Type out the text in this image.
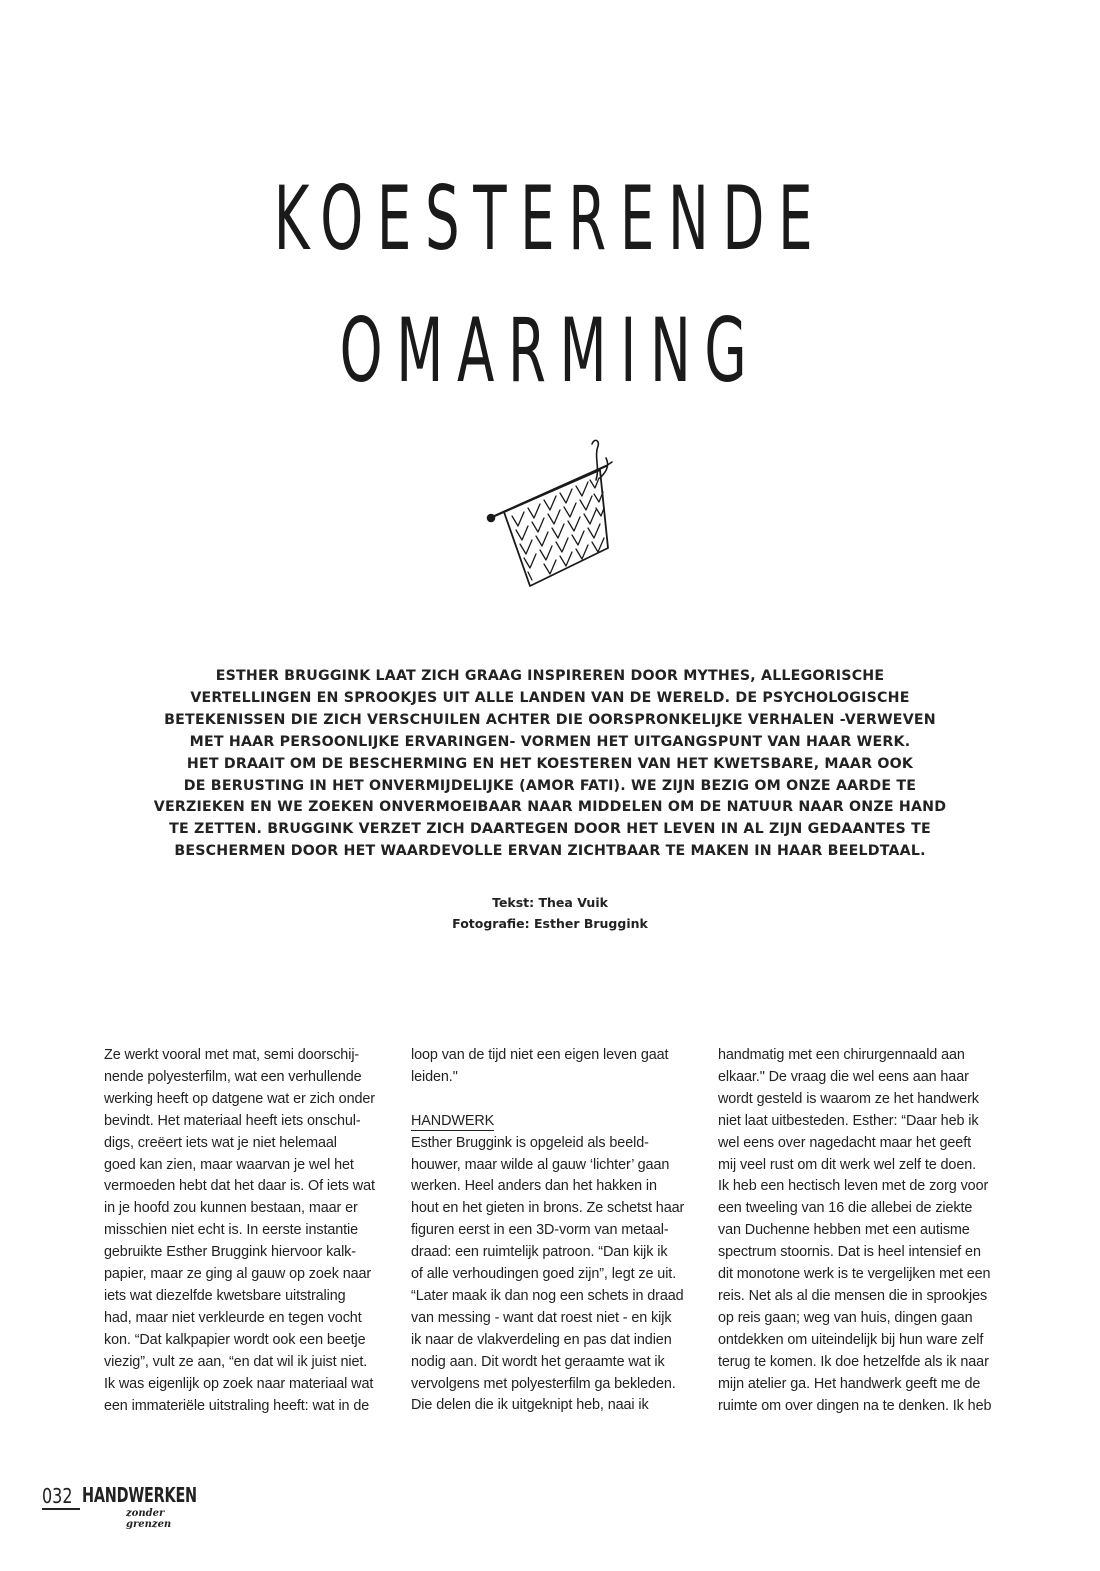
KOESTERENDE
OMARMING
ESTHER BRUGGINK LAAT ZICH GRAAG INSPIREREN DOOR MYTHES, ALLEGORISCHE
VERTELLINGEN EN SPROOKJES UIT ALLE LANDEN VAN DE WERELD. DE PSYCHOLOGISCHE
BETEKENISSEN DIE ZICH VERSCHUILEN ACHTER DIE OORSPRONKELIJKE VERHALEN -VERWEVEN
MET HAAR PERSOONLIJKE ERVARINGEN- VORMEN HET UITGANGSPUNT VAN HAAR WERK.
HET DRAAIT OM DE BESCHERMING EN HET KOESTEREN VAN HET KWETSBARE, MAAR OOK
DE BERUSTING IN HET ONVERMIJDELIJKE (AMOR FATI). WE ZIJN BEZIG OM ONZE AARDE TE
VERZIEKEN EN WE ZOEKEN ONVERMOEIBAAR NAAR MIDDELEN OM DE NATUUR NAAR ONZE HAND
TE ZETTEN. BRUGGINK VERZET ZICH DAARTEGEN DOOR HET LEVEN IN AL ZIJN GEDAANTES TE
BESCHERMEN DOOR HET WAARDEVOLLE ERVAN ZICHTBAAR TE MAKEN IN HAAR BEELDTAAL.
Tekst: Thea Vuik
Fotografie: Esther Bruggink
Ze werkt vooral met mat, semi doorschij-
nende polyesterfilm, wat een verhullende
werking heeft op datgene wat er zich onder
bevindt. Het materiaal heeft iets onschul-
digs, creëert iets wat je niet helemaal
goed kan zien, maar waarvan je wel het
vermoeden hebt dat het daar is. Of iets wat
in je hoofd zou kunnen bestaan, maar er
misschien niet echt is. In eerste instantie
gebruikte Esther Bruggink hiervoor kalk-
papier, maar ze ging al gauw op zoek naar
iets wat diezelfde kwetsbare uitstraling
had, maar niet verkleurde en tegen vocht
kon. “Dat kalkpapier wordt ook een beetje
viezig”, vult ze aan, “en dat wil ik juist niet.
Ik was eigenlijk op zoek naar materiaal wat
een immateriële uitstraling heeft: wat in de
loop van de tijd niet een eigen leven gaat
leiden."
HANDWERK
Esther Bruggink is opgeleid als beeld-
houwer, maar wilde al gauw ‘lichter’ gaan
werken. Heel anders dan het hakken in
hout en het gieten in brons. Ze schetst haar
figuren eerst in een 3D-vorm van metaal-
draad: een ruimtelijk patroon. “Dan kijk ik
of alle verhoudingen goed zijn”, legt ze uit.
“Later maak ik dan nog een schets in draad
van messing - want dat roest niet - en kijk
ik naar de vlakverdeling en pas dat indien
nodig aan. Dit wordt het geraamte wat ik
vervolgens met polyesterfilm ga bekleden.
Die delen die ik uitgeknipt heb, naai ik
handmatig met een chirurgennaald aan
elkaar." De vraag die wel eens aan haar
wordt gesteld is waarom ze het handwerk
niet laat uitbesteden. Esther: “Daar heb ik
wel eens over nagedacht maar het geeft
mij veel rust om dit werk wel zelf te doen.
Ik heb een hectisch leven met de zorg voor
een tweeling van 16 die allebei de ziekte
van Duchenne hebben met een autisme
spectrum stoornis. Dat is heel intensief en
dit monotone werk is te vergelijken met een
reis. Net als al die mensen die in sprookjes
op reis gaan; weg van huis, dingen gaan
ontdekken om uiteindelijk bij hun ware zelf
terug te komen. Ik doe hetzelfde als ik naar
mijn atelier ga. Het handwerk geeft me de
ruimte om over dingen na te denken. Ik heb
032 HANDWERKEN
zonder grenzen
